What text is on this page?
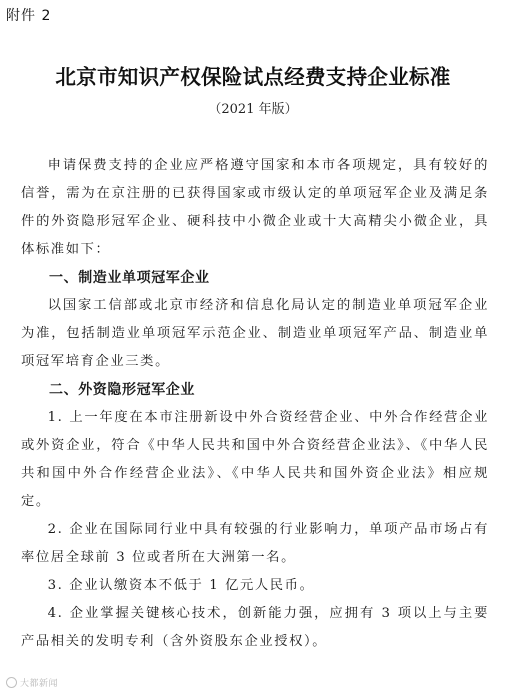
附件 2
北京市知识产权保险试点经费支持企业标准
（2021 年版）

申请保费支持的企业应严格遵守国家和本市各项规定，具有较好的信誉，需为在京注册的已获得国家或市级认定的单项冠军企业及满足条件的外资隐形冠军企业、硬科技中小微企业或十大高精尖小微企业，具体标准如下：

一、制造业单项冠军企业

以国家工信部或北京市经济和信息化局认定的制造业单项冠军企业为准，包括制造业单项冠军示范企业、制造业单项冠军产品、制造业单项冠军培育企业三类。

二、外资隐形冠军企业

1. 上一年度在本市注册新设中外合资经营企业、中外合作经营企业或外资企业，符合《中华人民共和国中外合资经营企业法》、《中华人民共和国中外合作经营企业法》、《中华人民共和国外资企业法》相应规定。

2. 企业在国际同行业中具有较强的行业影响力，单项产品市场占有率位居全球前 3 位或者所在大洲第一名。

3. 企业认缴资本不低于 1 亿元人民币。

4. 企业掌握关键核心技术，创新能力强，应拥有 3 项以上与主要产品相关的发明专利（含外资股东企业授权）。

大都新闻
